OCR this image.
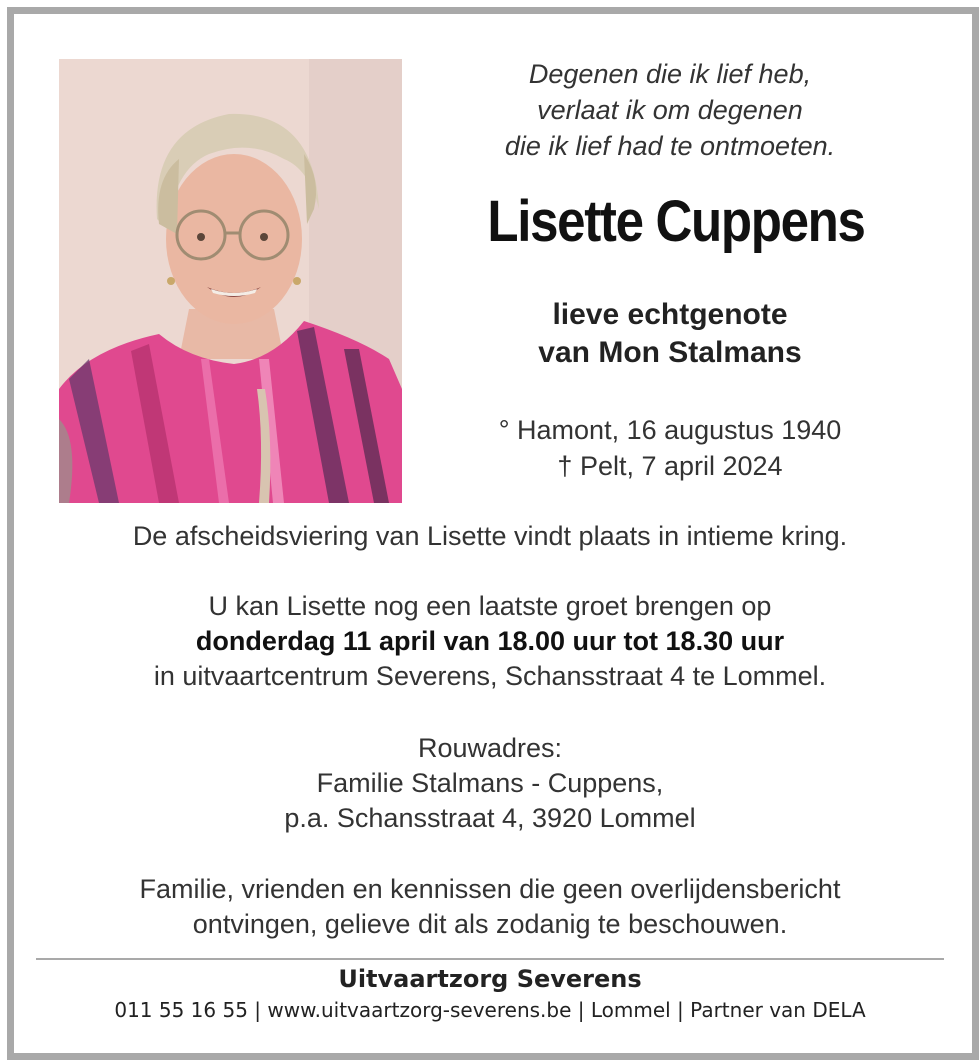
Degenen die ik lief heb,
verlaat ik om degenen
die ik lief had te ontmoeten.
Lisette Cuppens
lieve echtgenote
van Mon Stalmans
° Hamont, 16 augustus 1940
† Pelt, 7 april 2024
De afscheidsviering van Lisette vindt plaats in intieme kring.
U kan Lisette nog een laatste groet brengen op
donderdag 11 april van 18.00 uur tot 18.30 uur
in uitvaartcentrum Severens, Schansstraat 4 te Lommel.
Rouwadres:
Familie Stalmans - Cuppens,
p.a. Schansstraat 4, 3920 Lommel
Familie, vrienden en kennissen die geen overlijdensbericht
ontvingen, gelieve dit als zodanig te beschouwen.
Uitvaartzorg Severens
011 55 16 55 | www.uitvaartzorg-severens.be | Lommel | Partner van DELA
